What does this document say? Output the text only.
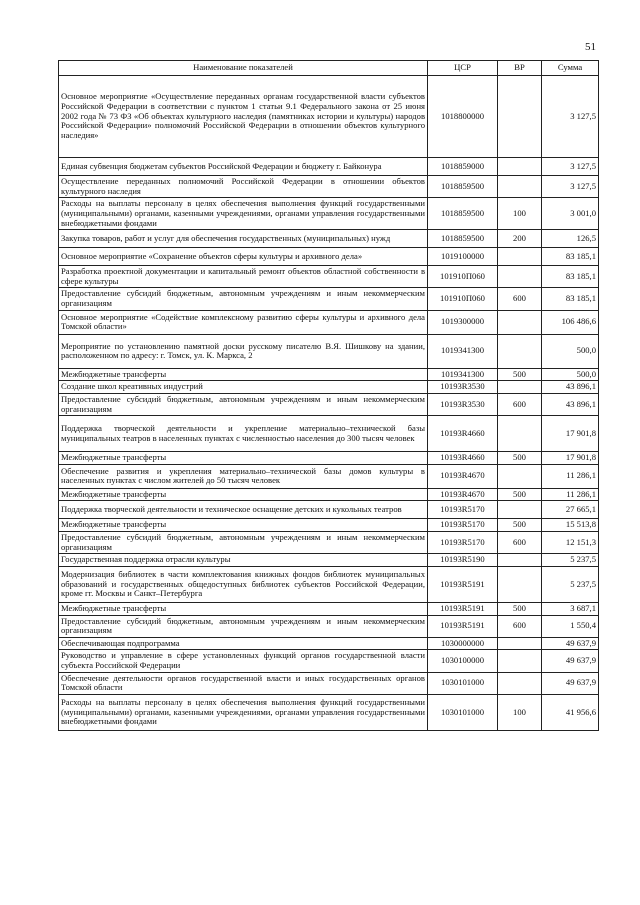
51
Наименование показателей	ЦСР	ВР	Сумма
Основное мероприятие «Осуществление переданных органам государственной власти субъектов Российской Федерации в соответствии с пунктом 1 статьи 9.1 Федерального закона от 25 июня 2002 года № 73 ФЗ «Об объектах культурного наследия (памятниках истории и культуры) народов Российской Федерации» полномочий Российской Федерации в отношении объектов культурного наследия»	1018800000		3 127,5
Единая субвенция бюджетам субъектов Российской Федерации и бюджету г. Байконура	1018859000		3 127,5
Осуществление переданных полномочий Российской Федерации в отношении объектов культурного наследия	1018859500		3 127,5
Расходы на выплаты персоналу в целях обеспечения выполнения функций государственными (муниципальными) органами, казенными учреждениями, органами управления государственными внебюджетными фондами	1018859500	100	3 001,0
Закупка товаров, работ и услуг для обеспечения государственных (муниципальных) нужд	1018859500	200	126,5
Основное мероприятие «Сохранение объектов сферы культуры и архивного дела»	1019100000		83 185,1
Разработка проектной документации и капитальный ремонт объектов областной собственности в сфере культуры	101910П060		83 185,1
Предоставление субсидий бюджетным, автономным учреждениям и иным некоммерческим организациям	101910П060	600	83 185,1
Основное мероприятие «Содействие комплексному развитию сферы культуры и архивного дела Томской области»	1019300000		106 486,6
Мероприятие по установлению памятной доски русскому писателю В.Я. Шишкову на здании, расположенном по адресу: г. Томск, ул. К. Маркса, 2	1019341300		500,0
Межбюджетные трансферты	1019341300	500	500,0
Создание школ креативных индустрий	10193R3530		43 896,1
Предоставление субсидий бюджетным, автономным учреждениям и иным некоммерческим организациям	10193R3530	600	43 896,1
Поддержка творческой деятельности и укрепление материально–технической базы муниципальных театров в населенных пунктах с численностью населения до 300 тысяч человек	10193R4660		17 901,8
Межбюджетные трансферты	10193R4660	500	17 901,8
Обеспечение развития и укрепления материально–технической базы домов культуры в населенных пунктах с числом жителей до 50 тысяч человек	10193R4670		11 286,1
Межбюджетные трансферты	10193R4670	500	11 286,1
Поддержка творческой деятельности и техническое оснащение детских и кукольных театров	10193R5170		27 665,1
Межбюджетные трансферты	10193R5170	500	15 513,8
Предоставление субсидий бюджетным, автономным учреждениям и иным некоммерческим организациям	10193R5170	600	12 151,3
Государственная поддержка отрасли культуры	10193R5190		5 237,5
Модернизация библиотек в части комплектования книжных фондов библиотек муниципальных образований и государственных общедоступных библиотек субъектов Российской Федерации, кроме гг. Москвы и Санкт–Петербурга	10193R5191		5 237,5
Межбюджетные трансферты	10193R5191	500	3 687,1
Предоставление субсидий бюджетным, автономным учреждениям и иным некоммерческим организациям	10193R5191	600	1 550,4
Обеспечивающая подпрограмма	1030000000		49 637,9
Руководство и управление в сфере установленных функций органов государственной власти субъекта Российской Федерации	1030100000		49 637,9
Обеспечение деятельности органов государственной власти и иных государственных органов Томской области	1030101000		49 637,9
Расходы на выплаты персоналу в целях обеспечения выполнения функций государственными (муниципальными) органами, казенными учреждениями, органами управления государственными внебюджетными фондами	1030101000	100	41 956,6
